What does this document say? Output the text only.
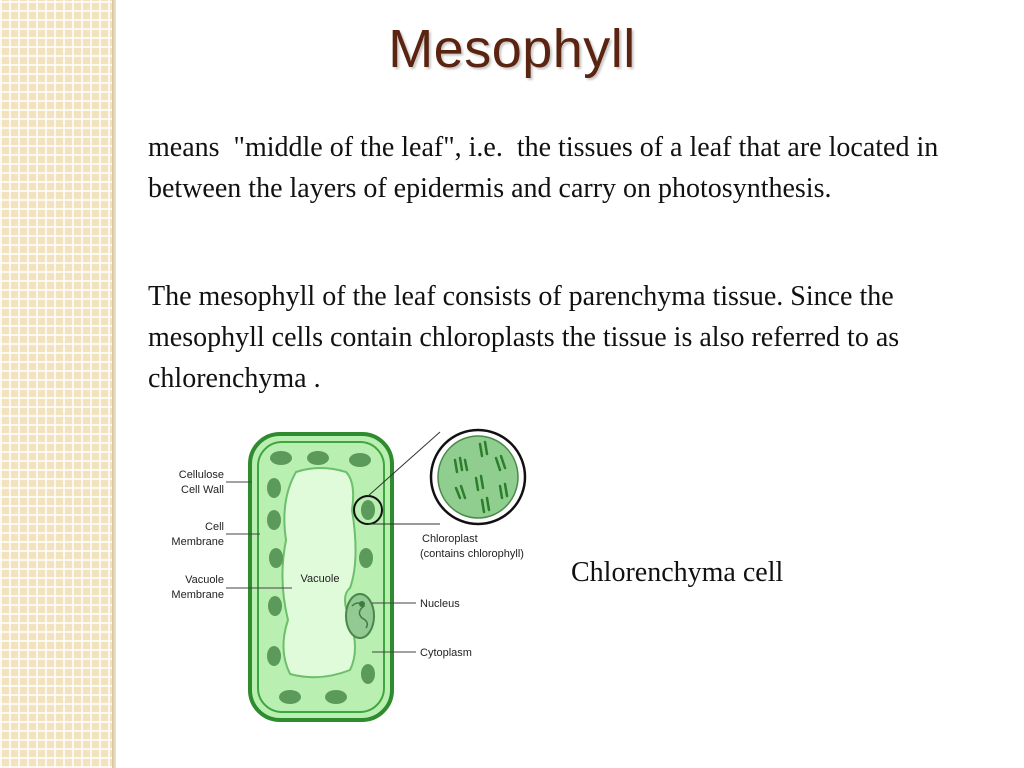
Mesophyll

means  "middle of the leaf", i.e.  the tissues of a leaf that are located in between the layers of epidermis and carry on photosynthesis.

The mesophyll of the leaf consists of parenchyma tissue. Since the mesophyll cells contain chloroplasts the tissue is also referred to as chlorenchyma .

Cellulose
Cell Wall
Cell
Membrane
Vacuole
Membrane
Vacuole
Chloroplast
(contains chlorophyll)
Nucleus
Cytoplasm
Chlorenchyma cell
